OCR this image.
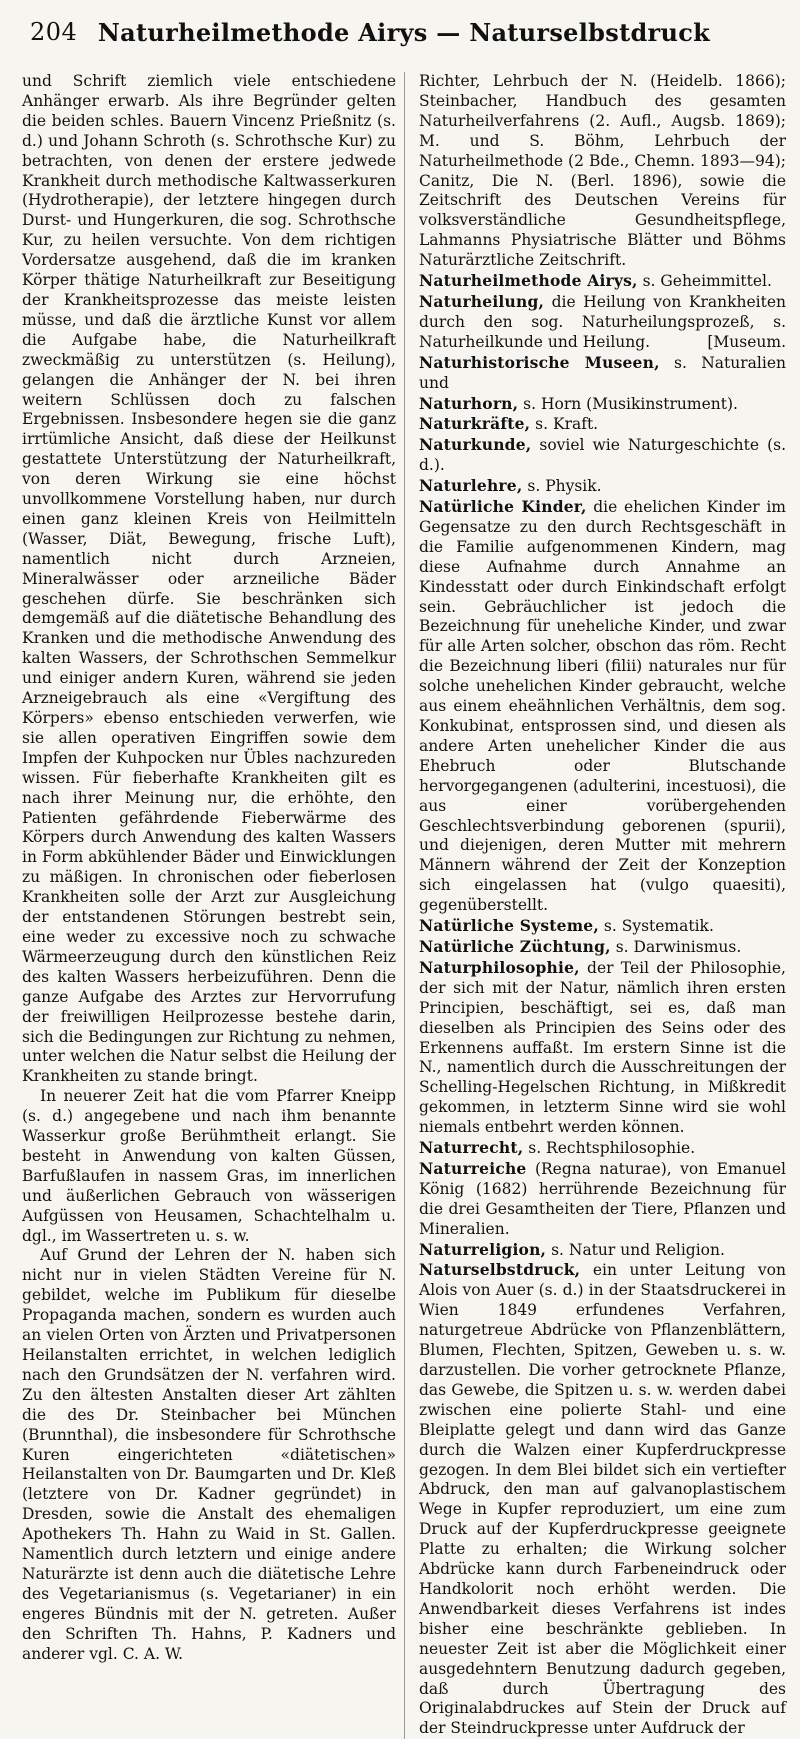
204 Naturheilmethode Airys — Naturselbstdruck

und Schrift ziemlich viele entschiedene Anhänger erwarb. Als ihre Begründer gelten die beiden schles. Bauern Vincenz Prießnitz (s. d.) und Johann Schroth (s. Schrothsche Kur) zu betrachten, von denen der erstere jedwede Krankheit durch methodische Kaltwasserkuren (Hydrotherapie), der letztere hingegen durch Durst- und Hungerkuren, die sog. Schrothsche Kur, zu heilen versuchte. Von dem richtigen Vordersatze ausgehend, daß die im kranken Körper thätige Naturheilkraft zur Beseitigung der Krankheitsprozesse das meiste leisten müsse, und daß die ärztliche Kunst vor allem die Aufgabe habe, die Naturheilkraft zweckmäßig zu unterstützen (s. Heilung), gelangen die Anhänger der N. bei ihren weitern Schlüssen doch zu falschen Ergebnissen. Insbesondere hegen sie die ganz irrtümliche Ansicht, daß diese der Heilkunst gestattete Unterstützung der Naturheilkraft, von deren Wirkung sie eine höchst unvollkommene Vorstellung haben, nur durch einen ganz kleinen Kreis von Heilmitteln (Wasser, Diät, Bewegung, frische Luft), namentlich nicht durch Arzneien, Mineralwässer oder arzneiliche Bäder geschehen dürfe. Sie beschränken sich demgemäß auf die diätetische Behandlung des Kranken und die methodische Anwendung des kalten Wassers, der Schrothschen Semmelkur und einiger andern Kuren, während sie jeden Arzneigebrauch als eine «Vergiftung des Körpers» ebenso entschieden verwerfen, wie sie allen operativen Eingriffen sowie dem Impfen der Kuhpocken nur Übles nachzureden wissen. Für fieberhafte Krankheiten gilt es nach ihrer Meinung nur, die erhöhte, den Patienten gefährdende Fieberwärme des Körpers durch Anwendung des kalten Wassers in Form abkühlender Bäder und Einwicklungen zu mäßigen. In chronischen oder fieberlosen Krankheiten solle der Arzt zur Ausgleichung der entstandenen Störungen bestrebt sein, eine weder zu excessive noch zu schwache Wärmeerzeugung durch den künstlichen Reiz des kalten Wassers herbeizuführen. Denn die ganze Aufgabe des Arztes zur Hervorrufung der freiwilligen Heilprozesse bestehe darin, sich die Bedingungen zur Richtung zu nehmen, unter welchen die Natur selbst die Heilung der Krankheiten zu stande bringt.

In neuerer Zeit hat die vom Pfarrer Kneipp (s. d.) angegebene und nach ihm benannte Wasserkur große Berühmtheit erlangt. Sie besteht in Anwendung von kalten Güssen, Barfußlaufen in nassem Gras, im innerlichen und äußerlichen Gebrauch von wässerigen Aufgüssen von Heusamen, Schachtelhalm u. dgl., im Wassertreten u. s. w.

Auf Grund der Lehren der N. haben sich nicht nur in vielen Städten Vereine für N. gebildet, welche im Publikum für dieselbe Propaganda machen, sondern es wurden auch an vielen Orten von Ärzten und Privatpersonen Heilanstalten errichtet, in welchen lediglich nach den Grundsätzen der N. verfahren wird. Zu den ältesten Anstalten dieser Art zählten die des Dr. Steinbacher bei München (Brunnthal), die insbesondere für Schrothsche Kuren eingerichteten «diätetischen» Heilanstalten von Dr. Baumgarten und Dr. Kleß (letztere von Dr. Kadner gegründet) in Dresden, sowie die Anstalt des ehemaligen Apothekers Th. Hahn zu Waid in St. Gallen. Namentlich durch letztern und einige andere Naturärzte ist denn auch die diätetische Lehre des Vegetarianismus (s. Vegetarianer) in ein engeres Bündnis mit der N. getreten. Außer den Schriften Th. Hahns, P. Kadners und anderer vgl. C. A. W.

Richter, Lehrbuch der N. (Heidelb. 1866); Steinbacher, Handbuch des gesamten Naturheilverfahrens (2. Aufl., Augsb. 1869); M. und S. Böhm, Lehrbuch der Naturheilmethode (2 Bde., Chemn. 1893—94); Canitz, Die N. (Berl. 1896), sowie die Zeitschrift des Deutschen Vereins für volksverständliche Gesundheitspflege, Lahmanns Physiatrische Blätter und Böhms Naturärztliche Zeitschrift.

Naturheilmethode Airys, s. Geheimmittel.

Naturheilung, die Heilung von Krankheiten durch den sog. Naturheilungsprozeß, s. Naturheilkunde und Heilung.	[Museum.

Naturhistorische Museen, s. Naturalien und

Naturhorn, s. Horn (Musikinstrument).

Naturkräfte, s. Kraft.

Naturkunde, soviel wie Naturgeschichte (s. d.).

Naturlehre, s. Physik.

Natürliche Kinder, die ehelichen Kinder im Gegensatze zu den durch Rechtsgeschäft in die Familie aufgenommenen Kindern, mag diese Aufnahme durch Annahme an Kindesstatt oder durch Einkindschaft erfolgt sein. Gebräuchlicher ist jedoch die Bezeichnung für uneheliche Kinder, und zwar für alle Arten solcher, obschon das röm. Recht die Bezeichnung liberi (filii) naturales nur für solche unehelichen Kinder gebraucht, welche aus einem eheähnlichen Verhältnis, dem sog. Konkubinat, entsprossen sind, und diesen als andere Arten unehelicher Kinder die aus Ehebruch oder Blutschande hervorgegangenen (adulterini, incestuosi), die aus einer vorübergehenden Geschlechtsverbindung geborenen (spurii), und diejenigen, deren Mutter mit mehrern Männern während der Zeit der Konzeption sich eingelassen hat (vulgo quaesiti), gegenüberstellt.

Natürliche Systeme, s. Systematik.

Natürliche Züchtung, s. Darwinismus.

Naturphilosophie, der Teil der Philosophie, der sich mit der Natur, nämlich ihren ersten Principien, beschäftigt, sei es, daß man dieselben als Principien des Seins oder des Erkennens auffaßt. Im erstern Sinne ist die N., namentlich durch die Ausschreitungen der Schelling-Hegelschen Richtung, in Mißkredit gekommen, in letzterm Sinne wird sie wohl niemals entbehrt werden können.

Naturrecht, s. Rechtsphilosophie.

Naturreiche (Regna naturae), von Emanuel König (1682) herrührende Bezeichnung für die drei Gesamtheiten der Tiere, Pflanzen und Mineralien.

Naturreligion, s. Natur und Religion.

Naturselbstdruck, ein unter Leitung von Alois von Auer (s. d.) in der Staatsdruckerei in Wien 1849 erfundenes Verfahren, naturgetreue Abdrücke von Pflanzenblättern, Blumen, Flechten, Spitzen, Geweben u. s. w. darzustellen. Die vorher getrocknete Pflanze, das Gewebe, die Spitzen u. s. w. werden dabei zwischen eine polierte Stahl- und eine Bleiplatte gelegt und dann wird das Ganze durch die Walzen einer Kupferdruckpresse gezogen. In dem Blei bildet sich ein vertiefter Abdruck, den man auf galvanoplastischem Wege in Kupfer reproduziert, um eine zum Druck auf der Kupferdruckpresse geeignete Platte zu erhalten; die Wirkung solcher Abdrücke kann durch Farbeneindruck oder Handkolorit noch erhöht werden. Die Anwendbarkeit dieses Verfahrens ist indes bisher eine beschränkte geblieben. In neuester Zeit ist aber die Möglichkeit einer ausgedehntern Benutzung dadurch gegeben, daß durch Übertragung des Originalabdruckes auf Stein der Druck auf der Steindruckpresse unter Aufdruck der
